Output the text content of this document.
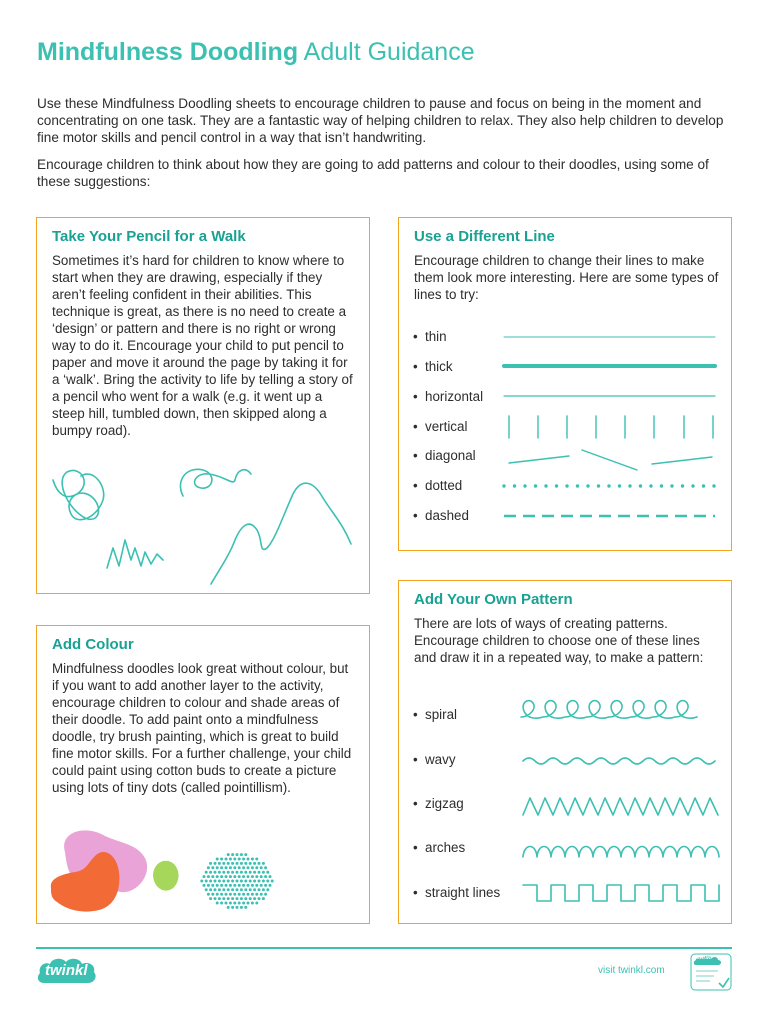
Mindfulness Doodling Adult Guidance

Use these Mindfulness Doodling sheets to encourage children to pause and focus on being in the moment and concentrating on one task. They are a fantastic way of helping children to relax. They also help children to develop fine motor skills and pencil control in a way that isn’t handwriting.

Encourage children to think about how they are going to add patterns and colour to their doodles, using some of these suggestions:

Take Your Pencil for a Walk

Sometimes it’s hard for children to know where to start when they are drawing, especially if they aren’t feeling confident in their abilities. This technique is great, as there is no need to create a ‘design’ or pattern and there is no right or wrong way to do it. Encourage your child to put pencil to paper and move it around the page by taking it for a ‘walk’. Bring the activity to life by telling a story of a pencil who went for a walk (e.g. it went up a steep hill, tumbled down, then skipped along a bumpy road).

Use a Different Line

Encourage children to change their lines to make them look more interesting. Here are some types of lines to try:

• thin
• thick
• horizontal
• vertical
• diagonal
• dotted
• dashed
Add Colour

Mindfulness doodles look great without colour, but if you want to add another layer to the activity, encourage children to colour and shade areas of their doodle. To add paint onto a mindfulness doodle, try brush painting, which is great to build fine motor skills. For a further challenge, your child could paint using cotton buds to create a picture using lots of tiny dots (called pointillism).

Add Your Own Pattern

There are lots of ways of creating patterns. Encourage children to choose one of these lines and draw it in a repeated way, to make a pattern:

• spiral
• wavy
• zigzag
• arches
• straight lines
twinkl	visit twinkl.com
twinkl
